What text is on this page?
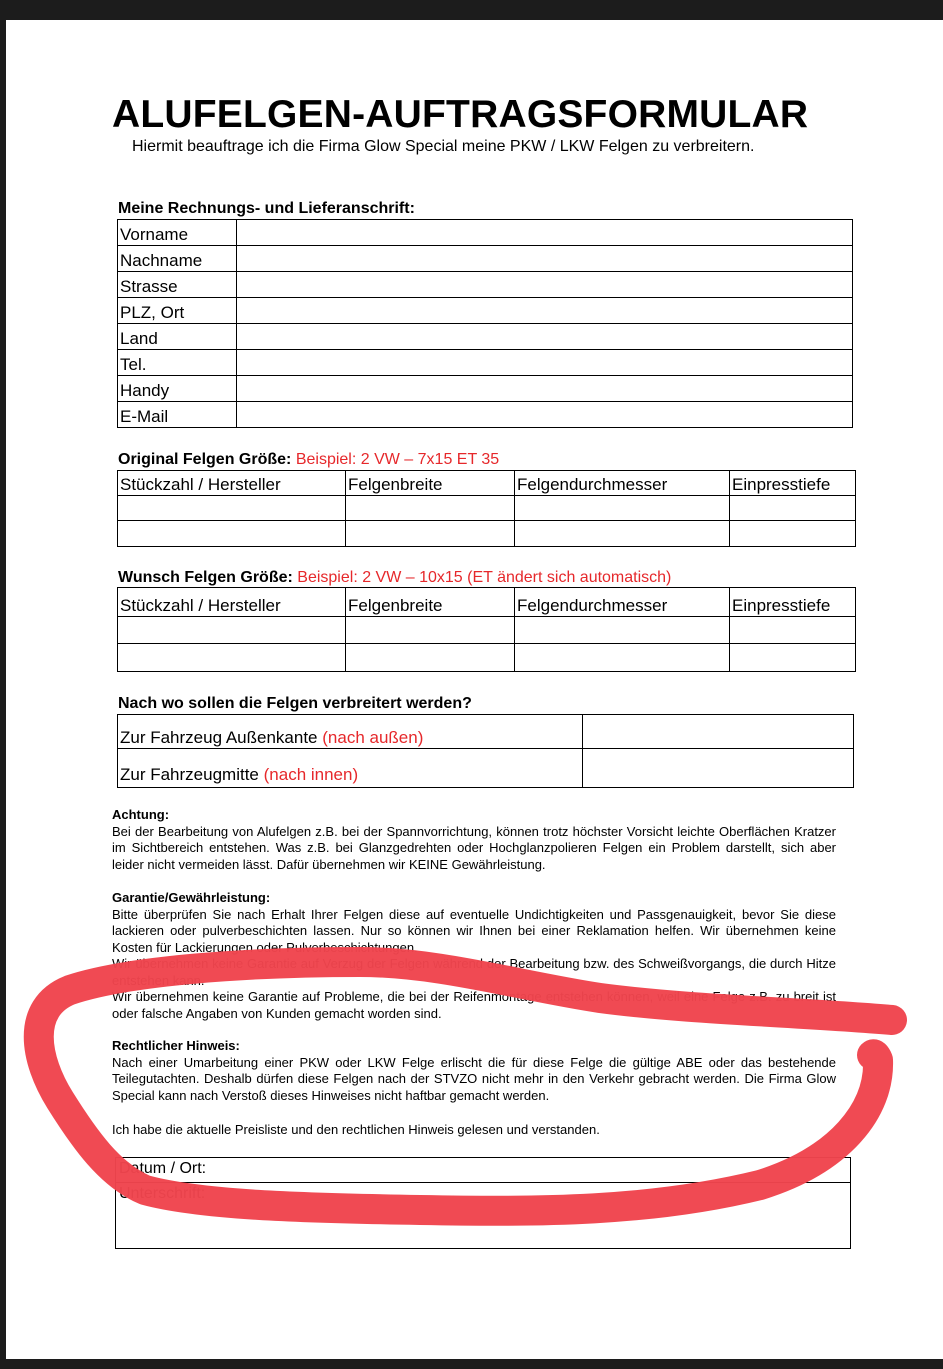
ALUFELGEN-AUFTRAGSFORMULAR
Hiermit beauftrage ich die Firma Glow Special meine PKW / LKW Felgen zu verbreitern.
Meine Rechnungs- und Lieferanschrift:
Vorname	
Nachname	
Strasse	
PLZ, Ort	
Land	
Tel.	
Handy	
E-Mail	
Original Felgen Größe: Beispiel: 2 VW – 7x15 ET 35
Stückzahl / Hersteller	Felgenbreite	Felgendurchmesser	Einpresstiefe

Wunsch Felgen Größe: Beispiel: 2 VW – 10x15 (ET ändert sich automatisch)
Stückzahl / Hersteller	Felgenbreite	Felgendurchmesser	Einpresstiefe

Nach wo sollen die Felgen verbreitert werden?
Zur Fahrzeug Außenkante (nach außen)	
Zur Fahrzeugmitte (nach innen)	
Achtung:
Bei der Bearbeitung von Alufelgen z.B. bei der Spannvorrichtung, können trotz höchster Vorsicht leichte Oberflächen Kratzer im Sichtbereich entstehen. Was z.B. bei Glanzgedrehten oder Hochglanzpolieren Felgen ein Problem darstellt, sich aber leider nicht vermeiden lässt. Dafür übernehmen wir KEINE Gewährleistung.
Garantie/Gewährleistung:
Bitte überprüfen Sie nach Erhalt Ihrer Felgen diese auf eventuelle Undichtigkeiten und Passgenauigkeit, bevor Sie diese lackieren oder pulverbeschichten lassen. Nur so können wir Ihnen bei einer Reklamation helfen. Wir übernehmen keine Kosten für Lackierungen oder Pulverbeschichtungen.
Wir übernehmen keine Garantie auf Verzug der Felgen während der Bearbeitung bzw. des Schweißvorgangs, die durch Hitze entstehen kann.
Wir übernehmen keine Garantie auf Probleme, die bei der Reifenmontage entstehen können, weil eine Felge z.B. zu breit ist oder falsche Angaben von Kunden gemacht worden sind.
Rechtlicher Hinweis:
Nach einer Umarbeitung einer PKW oder LKW Felge erlischt die für diese Felge die gültige ABE oder das bestehende Teilegutachten. Deshalb dürfen diese Felgen nach der STVZO nicht mehr in den Verkehr gebracht werden. Die Firma Glow Special kann nach Verstoß dieses Hinweises nicht haftbar gemacht werden.
Ich habe die aktuelle Preisliste und den rechtlichen Hinweis gelesen und verstanden.
Datum / Ort:
Unterschrift:
